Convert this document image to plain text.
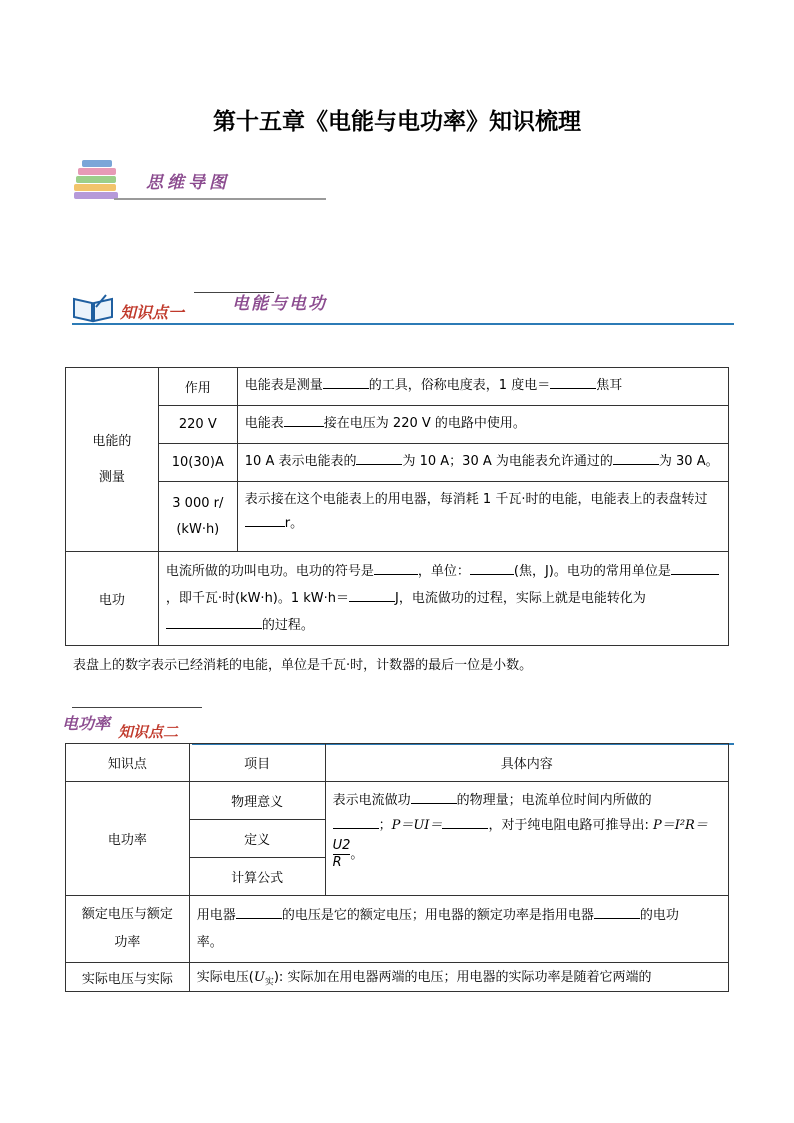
第十五章《电能与电功率》知识梳理
思维导图
知识点一	电能与电功
电能的
测量	作用	电能表是测量 的工具，俗称电度表，1 度电＝ 焦耳
	220 V	电能表 接在电压为 220 V 的电路中使用。
	10(30)A	10 A 表示电能表的 为 10 A；30 A 为电能表允许通过的 为 30 A。
	3 000 r/
(kW·h)	表示接在这个电能表上的用电器，每消耗 1 千瓦·时的电能，电能表上的表盘转过r。
电功	电流所做的功叫电功。电功的符号是 ，单位： (焦，J)。电功的常用单位是，即千瓦·时(kW·h)。1 kW·h＝ J，电流做功的过程，实际上就是电能转化为的过程。	
表盘上的数字表示已经消耗的电能，单位是千瓦·时，计数器的最后一位是小数。
电功率 知识点二
知识点	项目	具体内容
电功率	物理意义	表示电流做功 的物理量；电流单位时间内所做的
；P＝UI＝ ，对于纯电阻电路可推导出: P＝I²R＝

$\frac{U2}{R}$。
	定义	
	计算公式	
额定电压与额定
功率	用电器 的电压是它的额定电压；用电器的额定功率是指用电器 的电功
率。	
实际电压与实际	实际电压$(U_实)$: 实际加在用电器两端的电压；用电器的实际功率是随着它两端的	
